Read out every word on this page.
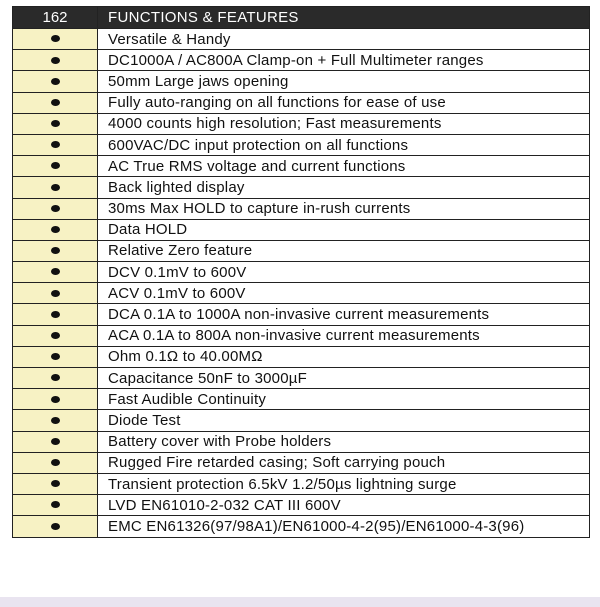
162	FUNCTIONS & FEATURES
	Versatile & Handy
	DC1000A / AC800A Clamp-on + Full Multimeter ranges
	50mm Large jaws opening
	Fully auto-ranging on all functions for ease of use
	4000 counts high resolution; Fast measurements
	600VAC/DC input protection on all functions
	AC True RMS voltage and current functions
	Back lighted display
	30ms Max HOLD to capture in-rush currents
	Data HOLD
	Relative Zero feature
	DCV 0.1mV to 600V
	ACV 0.1mV to 600V
	DCA 0.1A to 1000A non-invasive current measurements
	ACA 0.1A to 800A non-invasive current measurements
	Ohm 0.1Ω to 40.00MΩ
	Capacitance 50nF to 3000µF
	Fast Audible Continuity
	Diode Test
	Battery cover with Probe holders
	Rugged Fire retarded casing; Soft carrying pouch
	Transient protection 6.5kV 1.2/50µs lightning surge
	LVD EN61010-2-032 CAT III 600V
	EMC EN61326(97/98A1)/EN61000-4-2(95)/EN61000-4-3(96)
